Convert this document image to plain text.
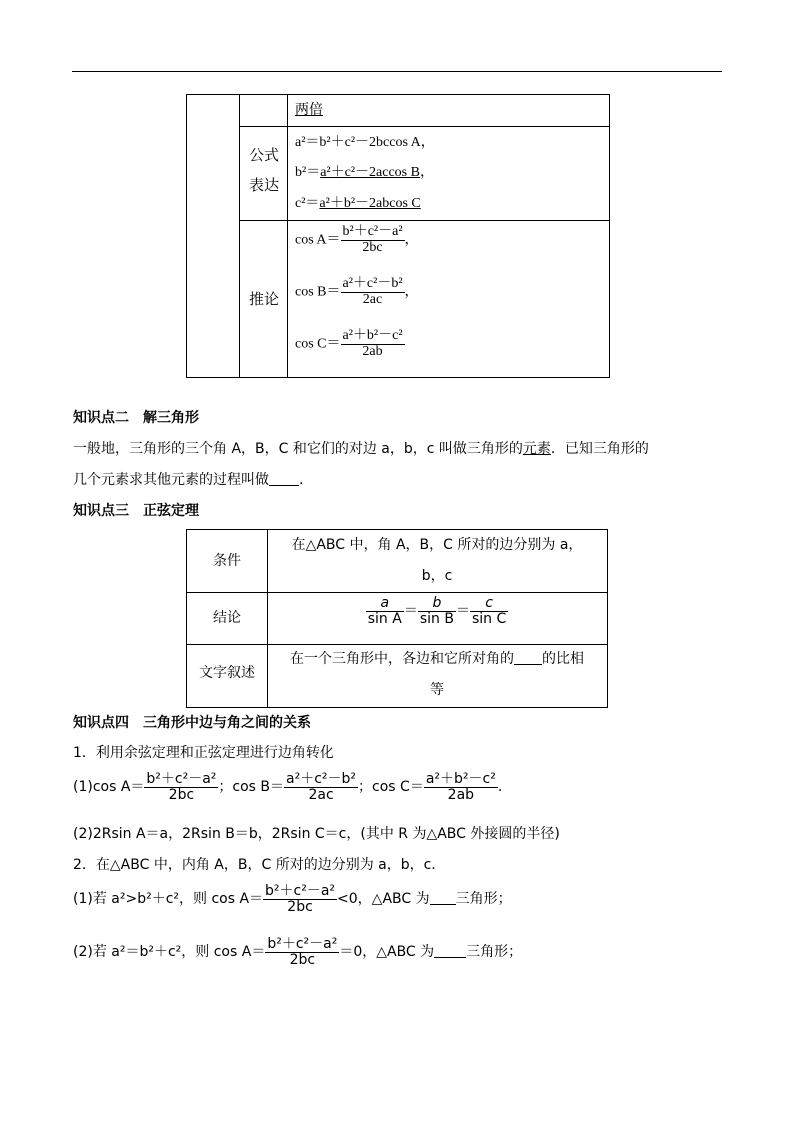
两倍
公式
表达
a²＝b²＋c²－2bccos A，
b²＝a²＋c²－2accos B，
c²＝a²＋b²－2abcos C
推论
$\cos A= \frac{\text{b²＋c²－a²}}{2bc}$ ，
$\cos B= \frac{\text{a²＋c²－b²}}{2ac}$ ，
$\cos C= \frac{\text{a²＋b²－c²}}{2ab}$
知识点二 解三角形
一般地，三角形的三个角 A，B，C 和它们的对边 a，b，c 叫做三角形的元素．已知三角形的
几个元素求其他元素的过程叫做 .
知识点三 正弦定理
条件
在△ABC 中，角 A，B，C 所对的边分别为 a，
b，c
结论	$\frac{a}{\text{sin A}} = \frac{b}{\text{sin B}} = \frac{c}{\text{sin C}}$
文字叙述
在一个三角形中，各边和它所对角的 的比相
等
知识点四 三角形中边与角之间的关系
1．利用余弦定理和正弦定理进行边角转化
(1)cos $A= \frac{\text{b²＋c²－a²}}{2bc}$ ；$\cos B= \frac{\text{a²＋c²－b²}}{2ac}$ ；$\cos C= \frac{\text{a²＋b²－c²}}{2ab}$ .
(2)2Rsin A＝a，2Rsin B＝b，2Rsin C＝c，(其中 R 为△ABC 外接圆的半径)
2．在△ABC 中，内角 A，B，C 所对的边分别为 a，b，c.
(1)若 a²>b²＋c²，则 $\cos A= \frac{\text{b²＋c²－a²}}{2bc} <0$，△ABC 为 三角形；
(2)若 a²＝b²＋c²，则 $\cos A= \frac{\text{b²＋c²－a²}}{2bc} =0$，△ABC 为 三角形；
